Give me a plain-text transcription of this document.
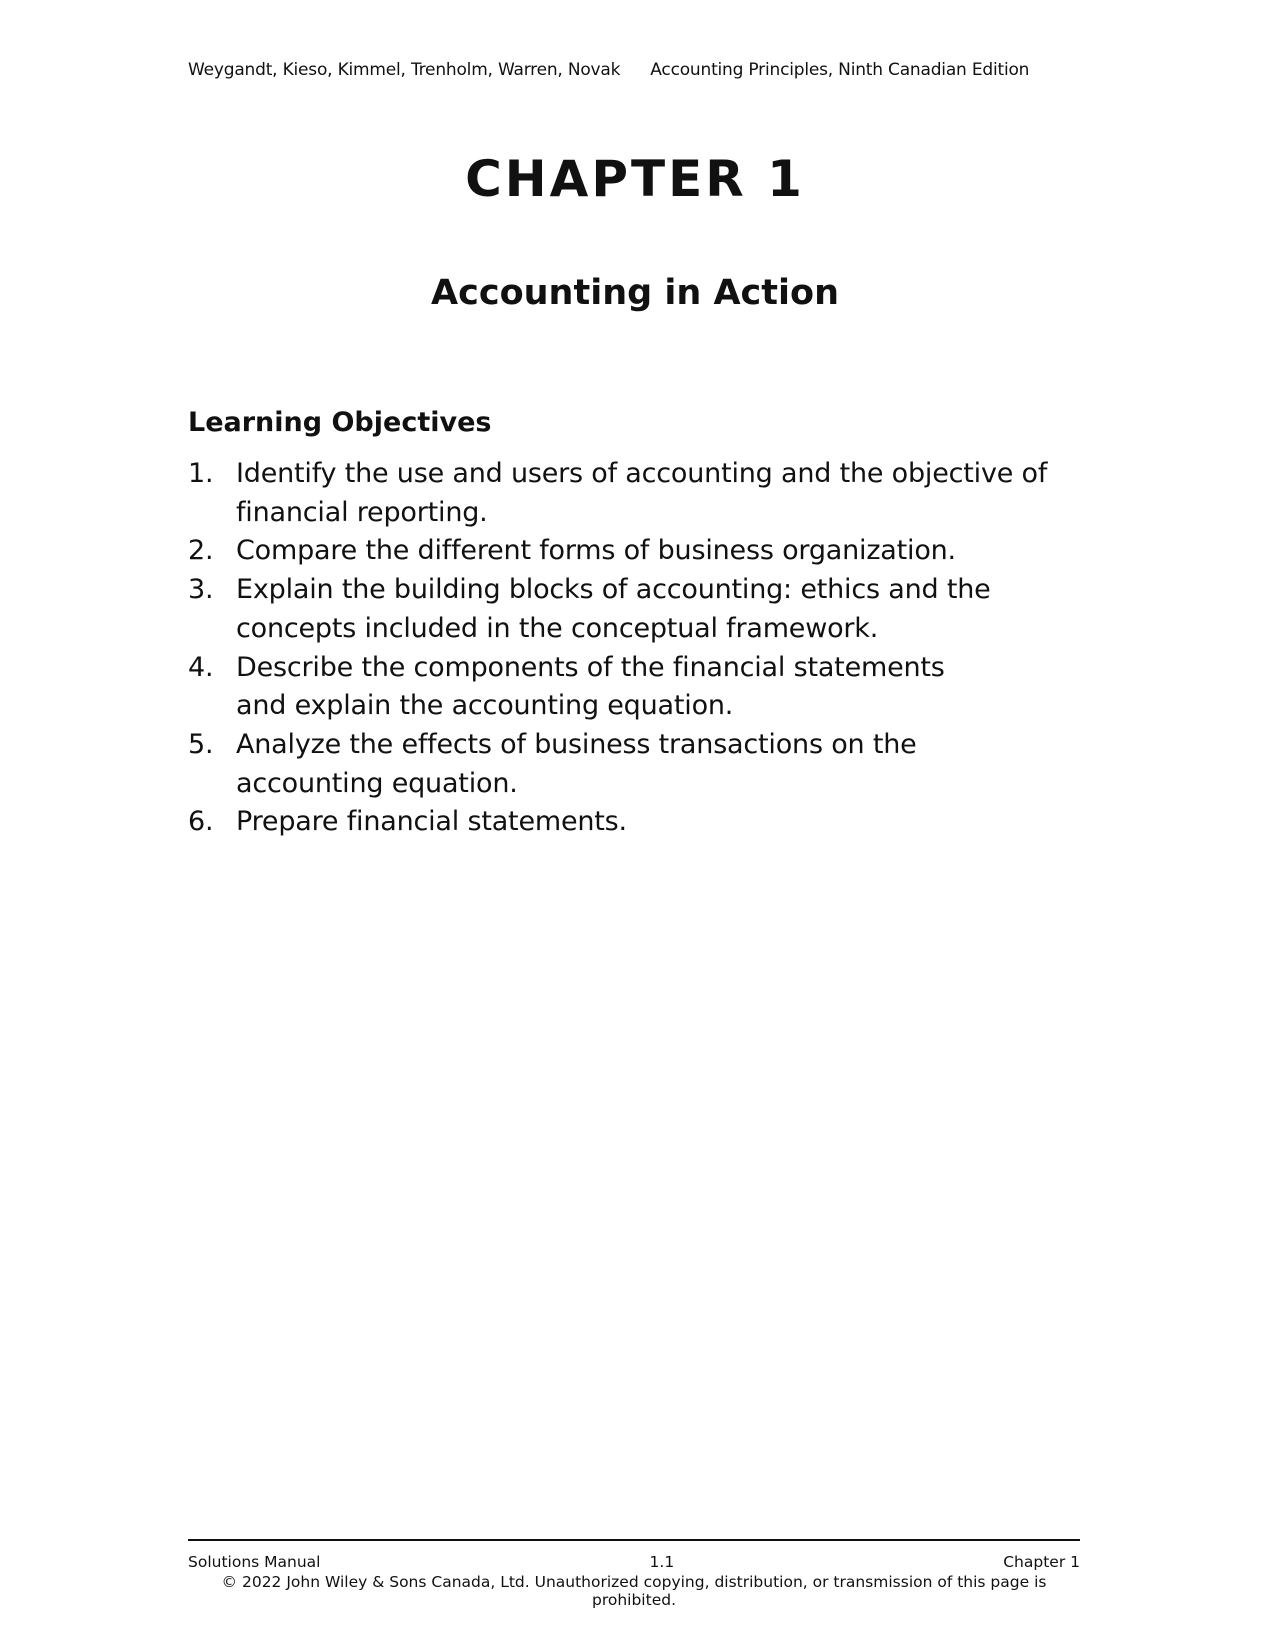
Weygandt, Kieso, Kimmel, Trenholm, Warren, Novak Accounting Principles, Ninth Canadian Edition
CHAPTER 1
Accounting in Action
Learning Objectives
1. Identify the use and users of accounting and the objective of financial reporting.
2. Compare the different forms of business organization.
3. Explain the building blocks of accounting: ethics and the concepts included in the conceptual framework.
4. Describe the components of the financial statements and explain the accounting equation.
5. Analyze the effects of business transactions on the accounting equation.
6. Prepare financial statements.
Solutions Manual	1.1	Chapter 1
© 2022 John Wiley & Sons Canada, Ltd. Unauthorized copying, distribution, or transmission of this page is prohibited.
